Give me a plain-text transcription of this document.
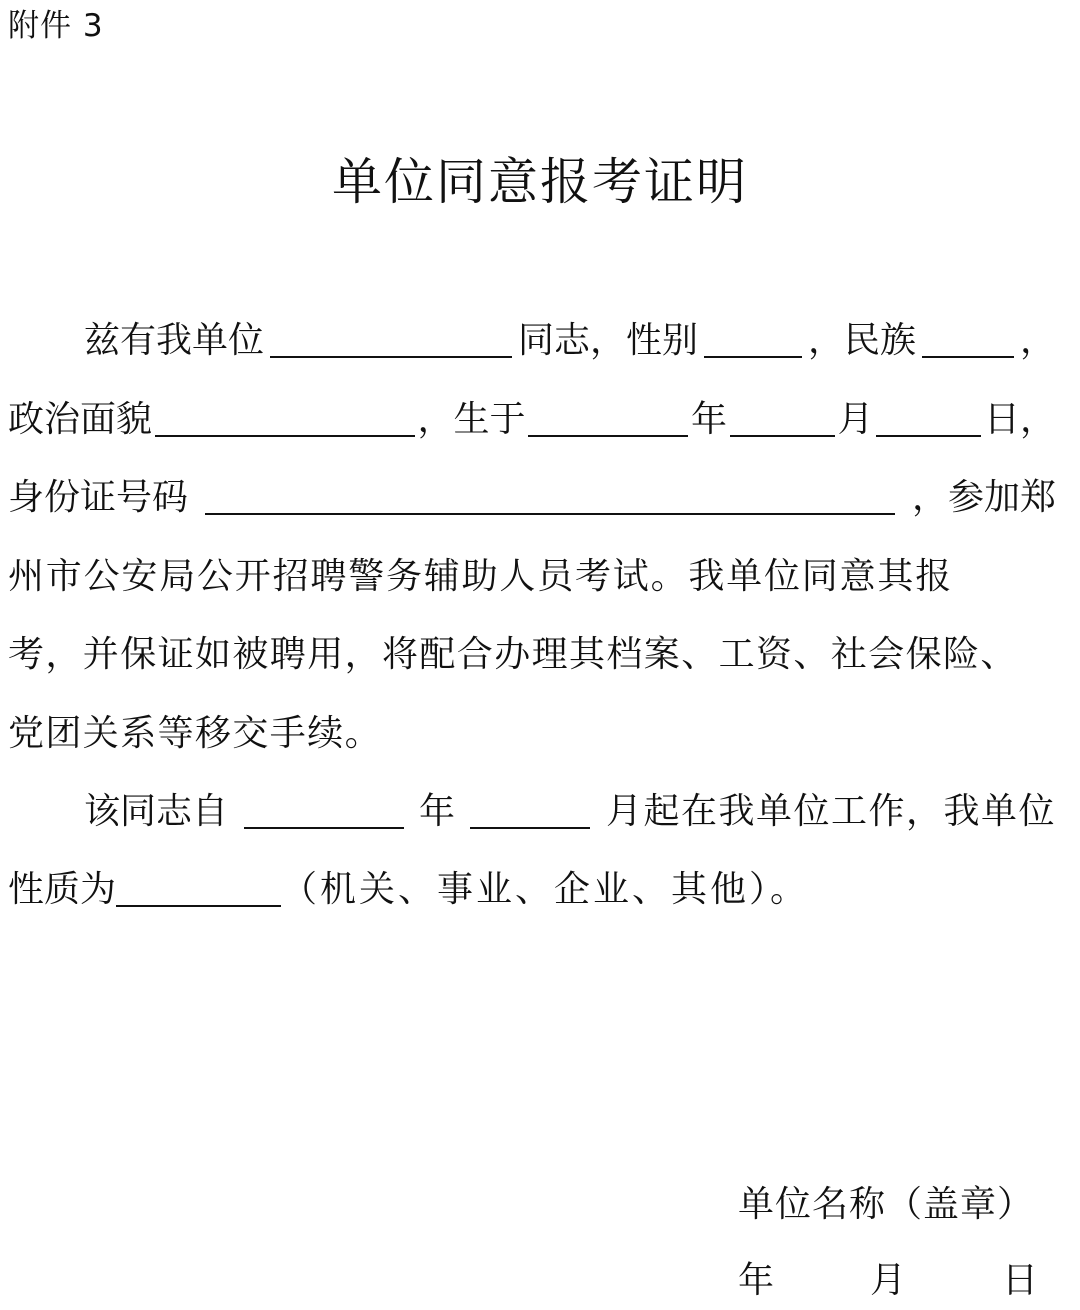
附件 3
单位同意报考证明
兹有我单位	同志，性别	，民族	，
政治面貌	，生于	年	月	日，
身份证号码	，参加郑
州市公安局公开招聘警务辅助人员考试。我单位同意其报
考，并保证如被聘用，将配合办理其档案、工资、社会保险、
党团关系等移交手续。
该同志自	年	月起在我单位工作，我单位
性质为	（机关、事业、企业、其他）。
单位名称（盖章）
年	月	日
